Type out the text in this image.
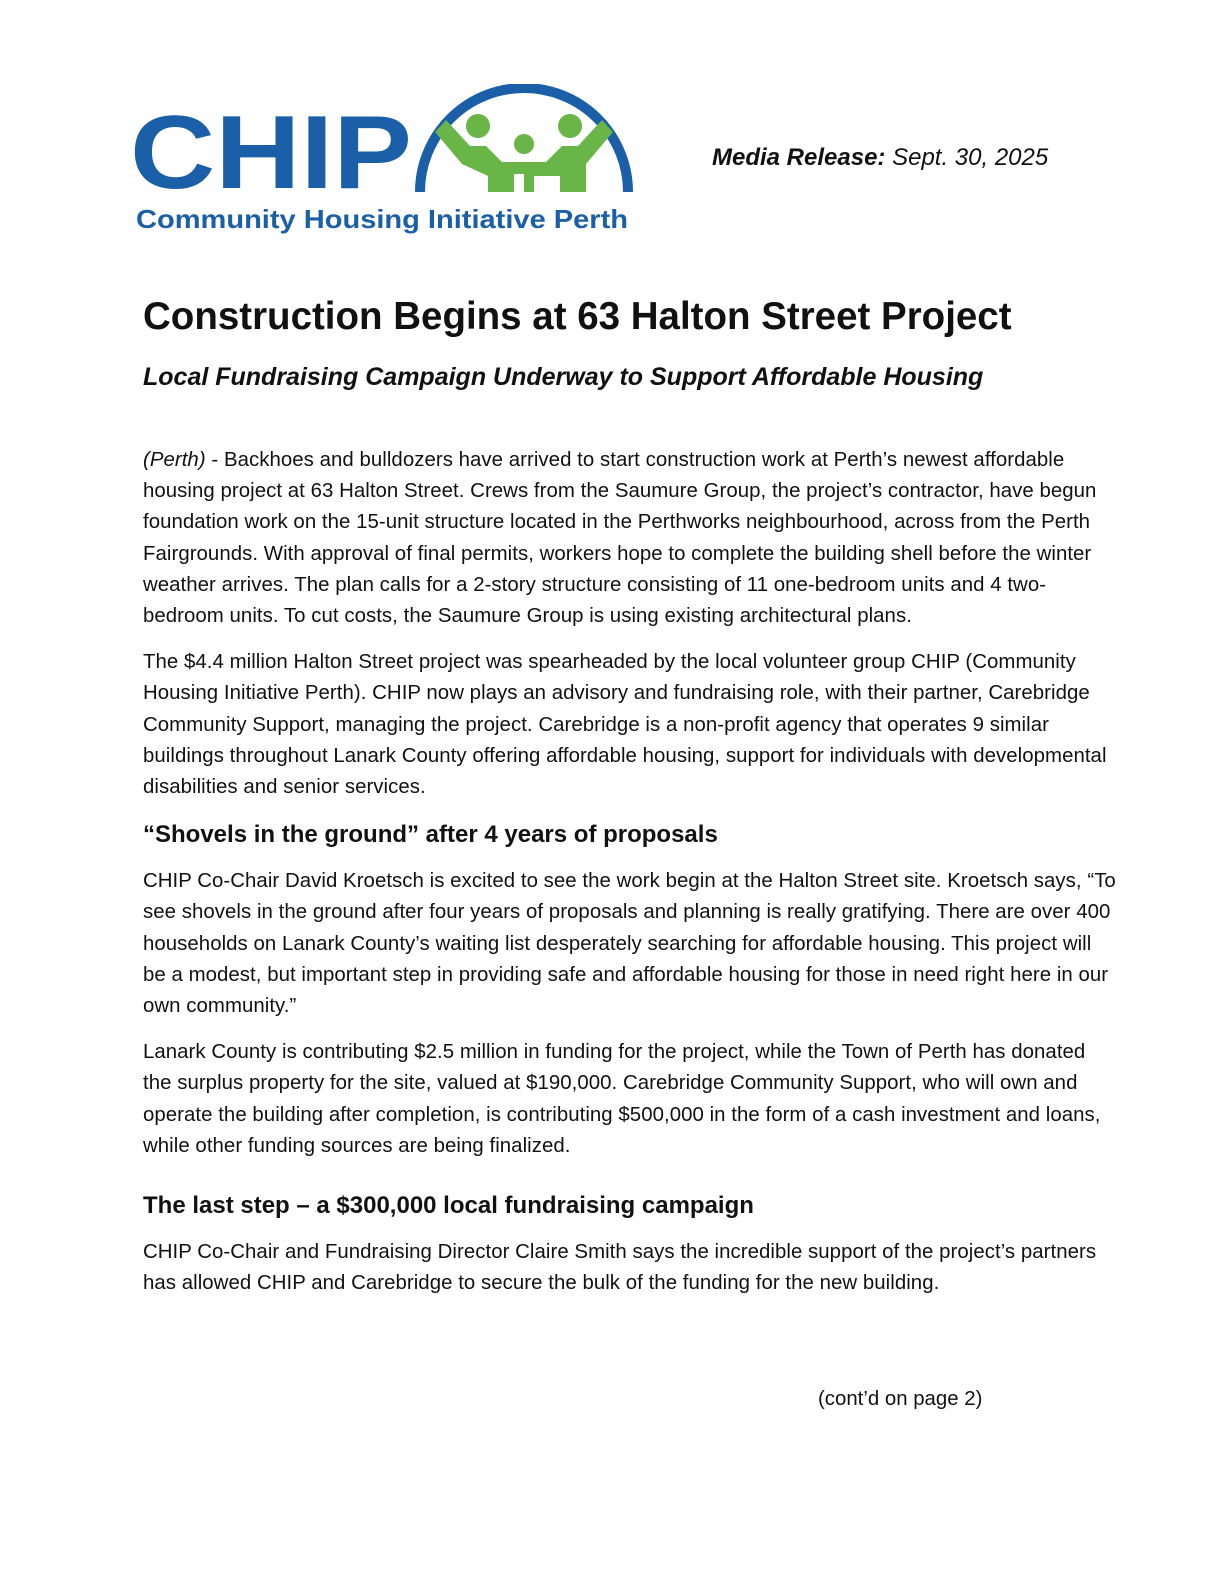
CHIP
Community Housing Initiative Perth
Media Release: Sept. 30, 2025
Construction Begins at 63 Halton Street Project
Local Fundraising Campaign Underway to Support Affordable Housing

(Perth) - Backhoes and bulldozers have arrived to start construction work at Perth’s newest affordable housing project at 63 Halton Street. Crews from the Saumure Group, the project’s contractor, have begun foundation work on the 15-unit structure located in the Perthworks neighbourhood, across from the Perth Fairgrounds. With approval of final permits, workers hope to complete the building shell before the winter weather arrives. The plan calls for a 2-story structure consisting of 11 one-bedroom units and 4 two-bedroom units. To cut costs, the Saumure Group is using existing architectural plans.

The $4.4 million Halton Street project was spearheaded by the local volunteer group CHIP (Community Housing Initiative Perth). CHIP now plays an advisory and fundraising role, with their partner, Carebridge Community Support, managing the project. Carebridge is a non-profit agency that operates 9 similar buildings throughout Lanark County offering affordable housing, support for individuals with developmental disabilities and senior services.

“Shovels in the ground” after 4 years of proposals

CHIP Co-Chair David Kroetsch is excited to see the work begin at the Halton Street site. Kroetsch says, “To see shovels in the ground after four years of proposals and planning is really gratifying. There are over 400 households on Lanark County’s waiting list desperately searching for affordable housing. This project will be a modest, but important step in providing safe and affordable housing for those in need right here in our own community.”

Lanark County is contributing $2.5 million in funding for the project, while the Town of Perth has donated the surplus property for the site, valued at $190,000. Carebridge Community Support, who will own and operate the building after completion, is contributing $500,000 in the form of a cash investment and loans, while other funding sources are being finalized.

The last step – a $300,000 local fundraising campaign

CHIP Co-Chair and Fundraising Director Claire Smith says the incredible support of the project’s partners has allowed CHIP and Carebridge to secure the bulk of the funding for the new building.

(cont’d on page 2)
